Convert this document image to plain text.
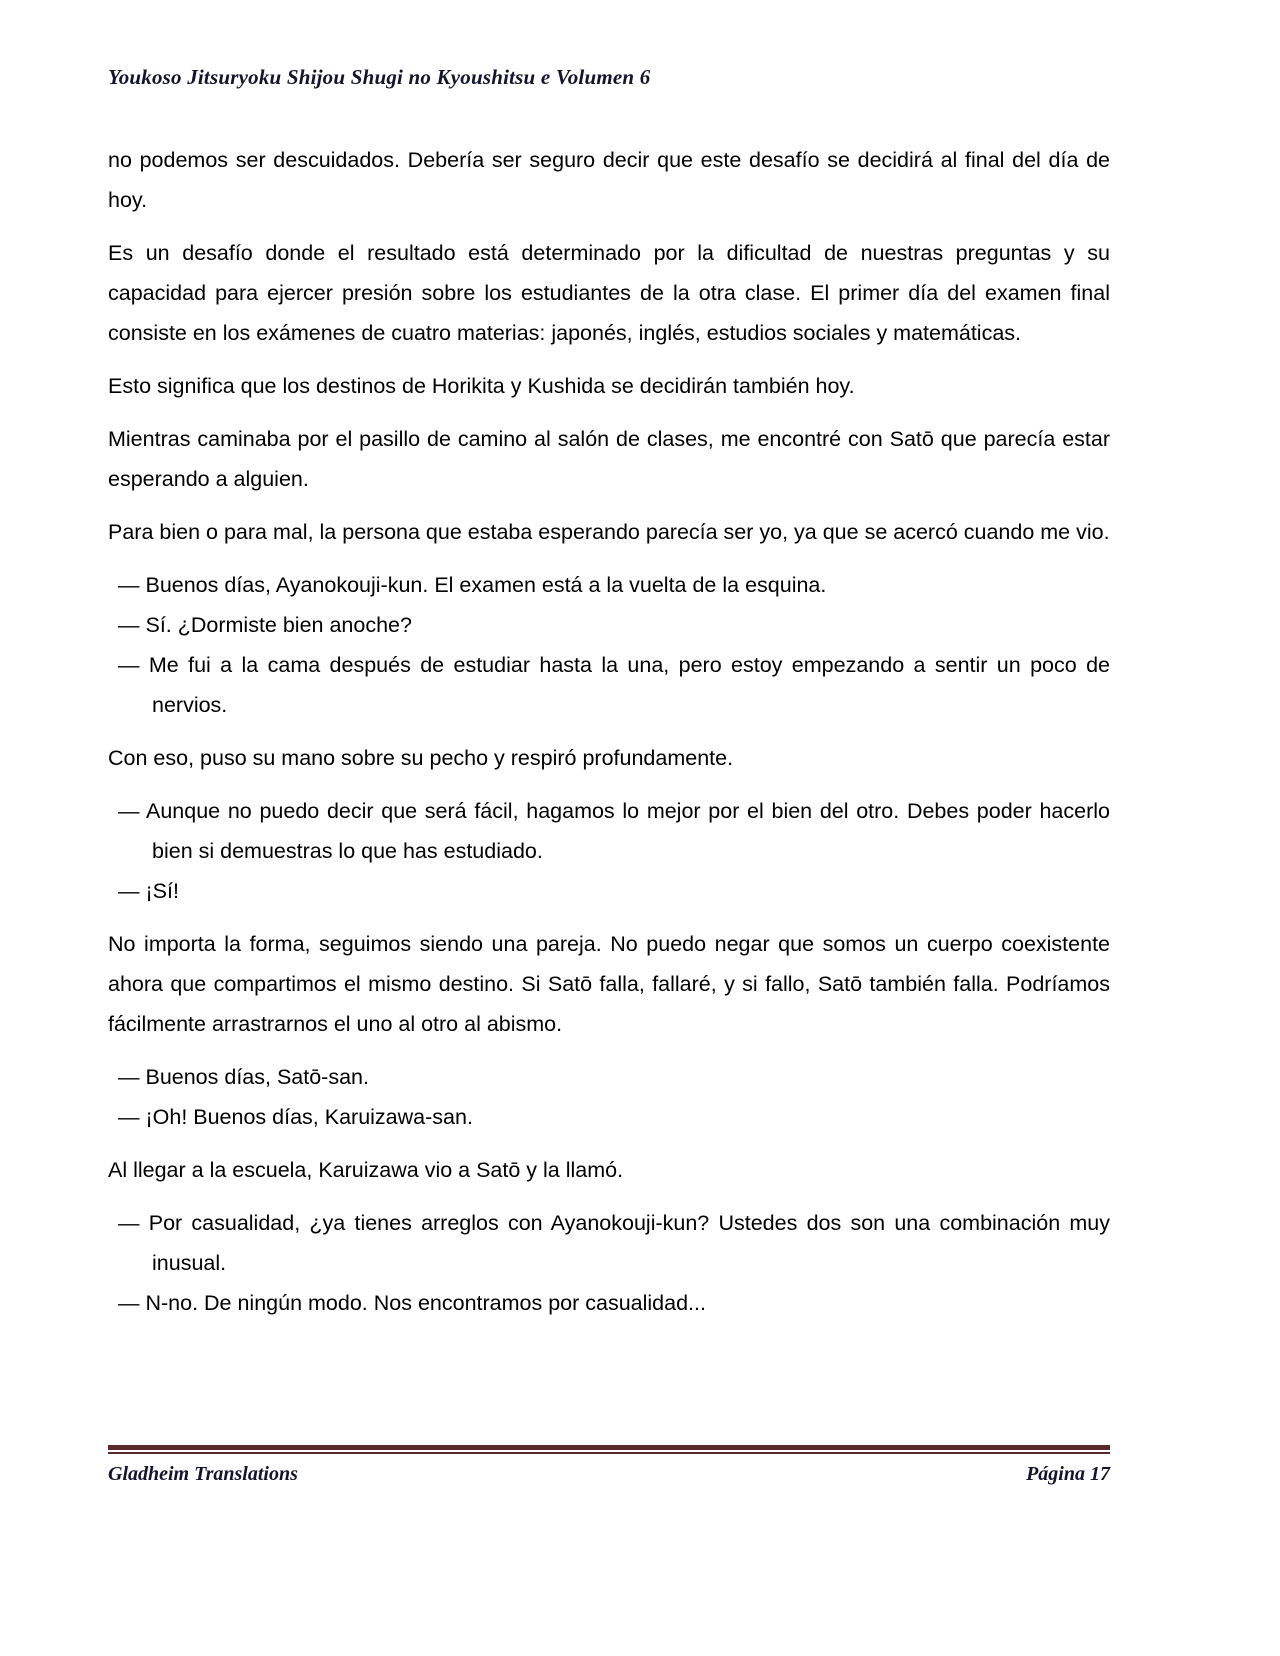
Youkoso Jitsuryoku Shijou Shugi no Kyoushitsu e Volumen 6

no podemos ser descuidados. Debería ser seguro decir que este desafío se decidirá al final del día de hoy.

Es un desafío donde el resultado está determinado por la dificultad de nuestras preguntas y su capacidad para ejercer presión sobre los estudiantes de la otra clase. El primer día del examen final consiste en los exámenes de cuatro materias: japonés, inglés, estudios sociales y matemáticas.

Esto significa que los destinos de Horikita y Kushida se decidirán también hoy.

Mientras caminaba por el pasillo de camino al salón de clases, me encontré con Satō que parecía estar esperando a alguien.

Para bien o para mal, la persona que estaba esperando parecía ser yo, ya que se acercó cuando me vio.

— Buenos días, Ayanokouji-kun. El examen está a la vuelta de la esquina.

— Sí. ¿Dormiste bien anoche?

— Me fui a la cama después de estudiar hasta la una, pero estoy empezando a sentir un poco de nervios.

Con eso, puso su mano sobre su pecho y respiró profundamente.

— Aunque no puedo decir que será fácil, hagamos lo mejor por el bien del otro. Debes poder hacerlo bien si demuestras lo que has estudiado.

— ¡Sí!

No importa la forma, seguimos siendo una pareja. No puedo negar que somos un cuerpo coexistente ahora que compartimos el mismo destino. Si Satō falla, fallaré, y si fallo, Satō también falla. Podríamos fácilmente arrastrarnos el uno al otro al abismo.

— Buenos días, Satō-san.

— ¡Oh! Buenos días, Karuizawa-san.

Al llegar a la escuela, Karuizawa vio a Satō y la llamó.

— Por casualidad, ¿ya tienes arreglos con Ayanokouji-kun? Ustedes dos son una combinación muy inusual.

— N-no. De ningún modo. Nos encontramos por casualidad...

Gladheim Translations	Página 17
